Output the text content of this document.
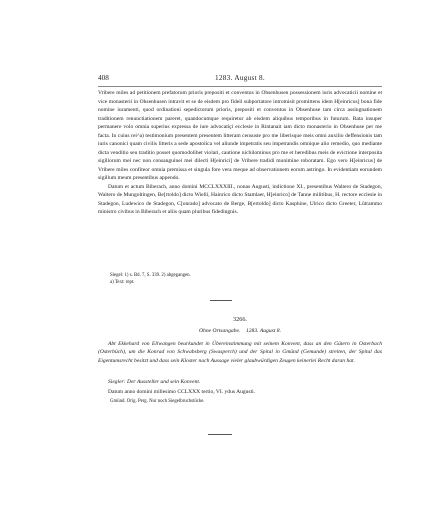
408	1283. August 8.

Vribere miles ad petitionem prefatorum prioris prepositi et conventus in Ohsenhusen possessionem iuris advocaticii nomine et vice monasterii in Ohsenhusen intravit et se de eisdem pro fideli subportatore intromisit promittens idem H[einricus] bona fide nomine iuramenti, quod ordinationi sepedictorum prioris, prepositi et conventus in Ohsenhuse tam circa assingnationem traditionem renunctiationem pareret, quandocumque requiretur ab eisdem aliquibus temporibus in futurum. Rata insuper permanere volo omnia superius expressa de iure advocatiçi ecclesie in Rintanait iam dicto monasterio in Ohsenhuse per me facta. In cuius rei^a) testimonium presentem presentem litteram censuste pro me liberisque meis omni auxilio deffensionis tam iuris canonici quam civilis litteris a sede apostolica vel aliunde impetratis seu impetrandis omnique alio remedio, quo mediante dicta venditio seu traditio posset quomodolibet violari, cautione nichilominus pro me et heredibus meis de evictione interposita sigillorum mei nec non consanguinei mei dilecti H[einrici] de Vribere tradidi munimine roboratam. Ego vero H[einricus] de Vribere miles confiteor omnia premissa et singula fore vera meque ad observationem eorum astringo. In evidentiam eorundem sigillum meum presentibus appendo.

Datum et actum Biberach, anno domini MCCLXXXIII., nonas Augusti, indictione XI., presentibus Waltero de Stadegon, Waltero de Mungoltingen, Be[rtoldo] dicto Wielli, Hainrico dicto Stamlaer, H[einrico] de Tanne militibus, H. rectore ecclesie in Stadegon, Ludewico de Stadegon, C[onrado] advocato de Berge, B[ertoldo] dicto Kasphine, Ulrico dicto Greeter, Lûtrammo ministro civibus in Biberach et aliis quam pluribus fidedingnis.

Siegel: 1) s. Bd. 7, S. 339. 2) abgegangen.
a) Text: rept.
3266.
Ohne Ortsangabe. 1283. August 8.

Abt Ekkehard von Ellwangen beurkundet in Übereinstimmung mit seinem Konvent, dass an den Gütern in Osterbach (Osterbûch), um die Konrad von Schwabsberg (Swasperch) und der Spital in Gmünd (Gemunde) streiten, der Spital das Eigentumsrecht besitzt und dass sein Kloster nach Aussage vieler glaubwürdigen Zeugen keinerlei Recht daran hat.

Siegler: Der Aussteller und sein Konvent.
Datum anno domini millesimo CCLXXX tertio, VI. ydus Augusti.
Gmünd. Orig. Perg. Nur noch Siegelbruchstücke.
